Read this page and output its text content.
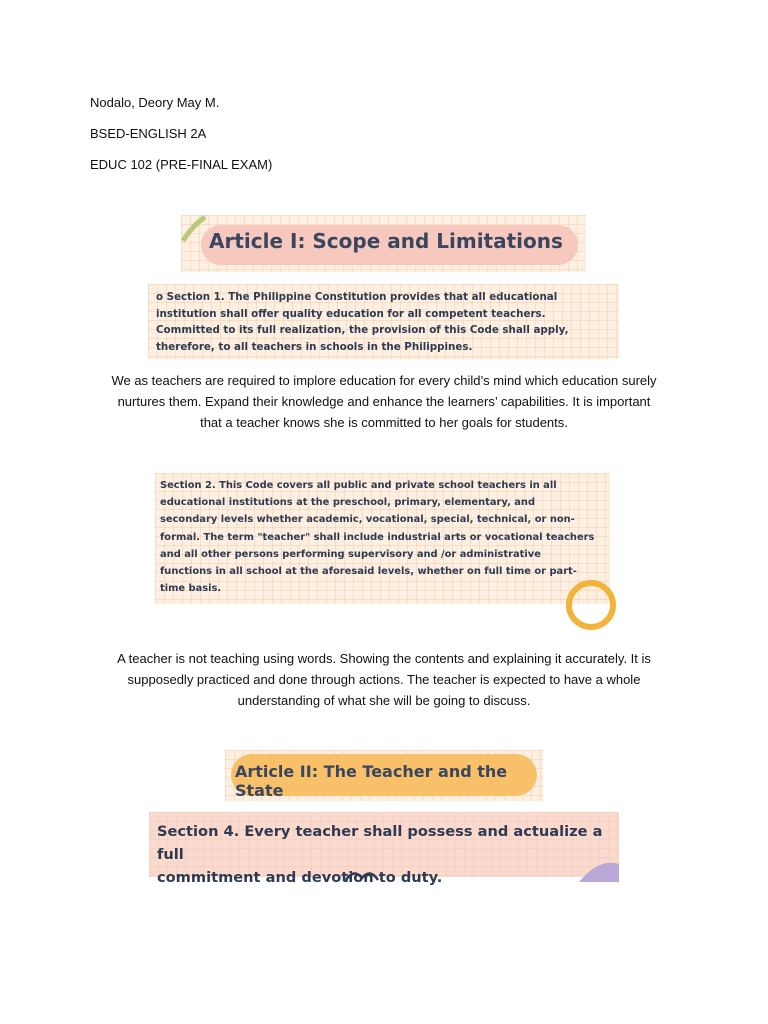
Nodalo, Deory May M.
BSED-ENGLISH 2A
EDUC 102 (PRE-FINAL EXAM)
Article I: Scope and Limitations
o Section 1. The Philippine Constitution provides that all educational
institution shall offer quality education for all competent teachers.
Committed to its full realization, the provision of this Code shall apply,
therefore, to all teachers in schools in the Philippines.
We as teachers are required to implore education for every child’s mind which education surely
nurtures them. Expand their knowledge and enhance the learners’ capabilities. It is important
that a teacher knows she is committed to her goals for students.
Section 2. This Code covers all public and private school teachers in all
educational institutions at the preschool, primary, elementary, and
secondary levels whether academic, vocational, special, technical, or non-
formal. The term "teacher" shall include industrial arts or vocational teachers
and all other persons performing supervisory and /or administrative
functions in all school at the aforesaid levels, whether on full time or part-
time basis.
A teacher is not teaching using words. Showing the contents and explaining it accurately. It is
supposedly practiced and done through actions. The teacher is expected to have a whole
understanding of what she will be going to discuss.
Article II: The Teacher and the State
Section 4. Every teacher shall possess and actualize a full
commitment and devotion to duty.
